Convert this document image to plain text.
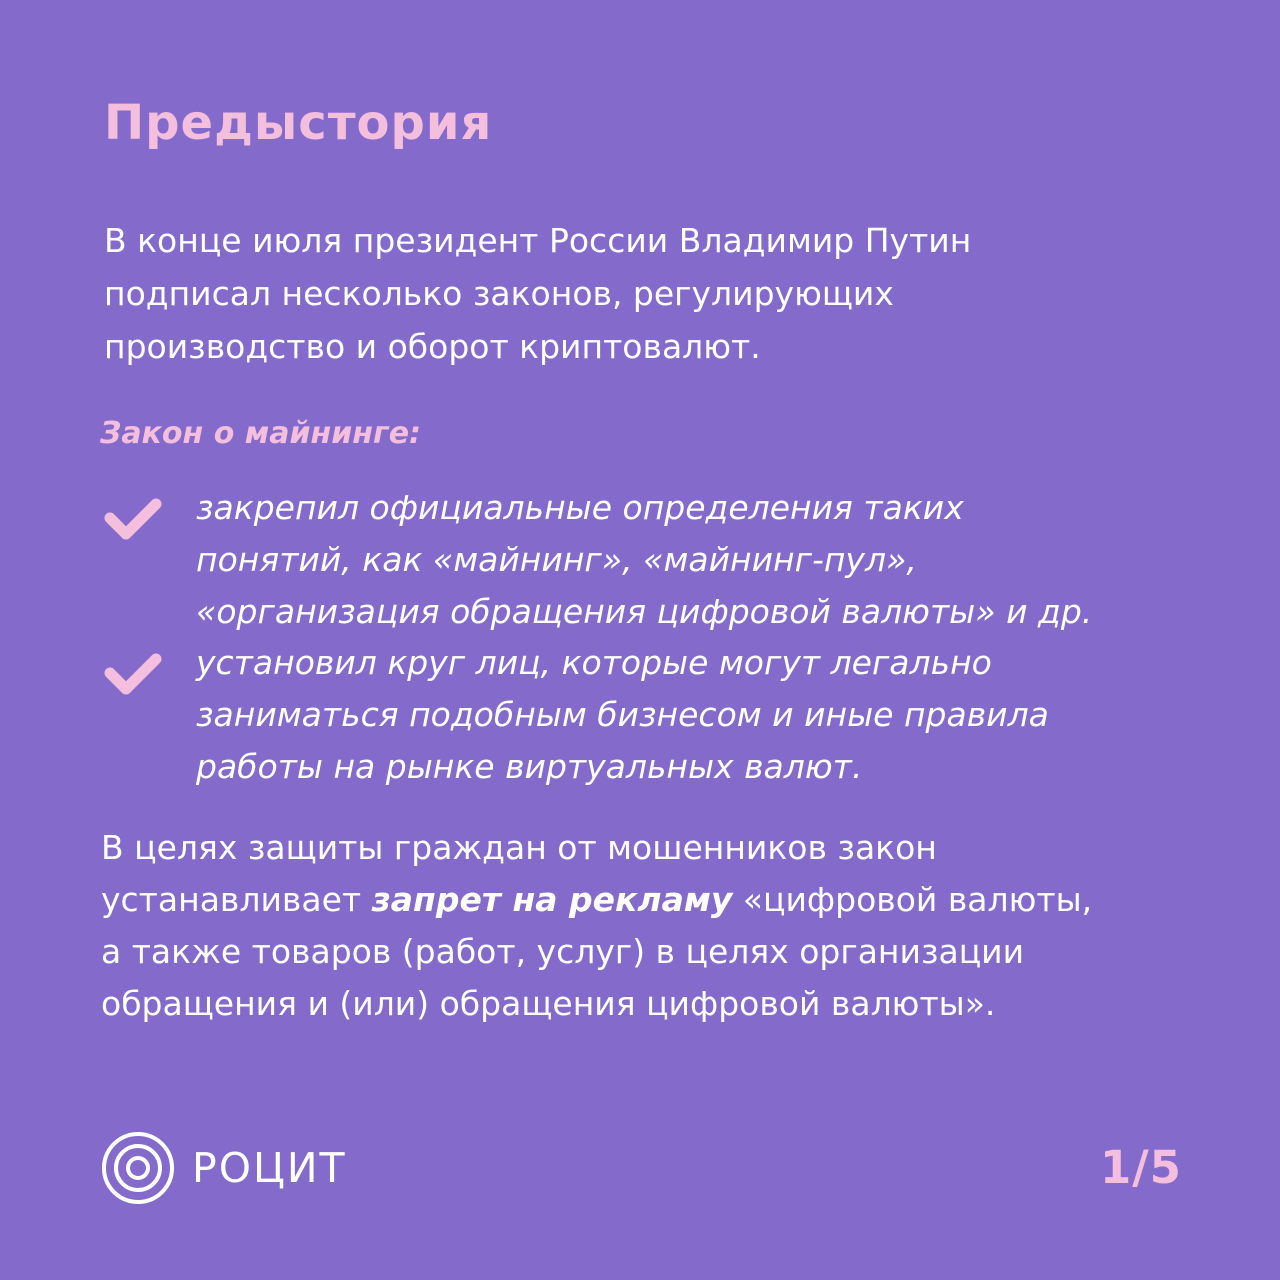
Предыстория

В конце июля президент России Владимир Путин
подписал несколько законов, регулирующих
производство и оборот криптовалют.

Закон о майнинге:

закрепил официальные определения таких
понятий, как «майнинг», «майнинг-пул»,
«организация обращения цифровой валюты» и др.

установил круг лиц, которые могут легально
заниматься подобным бизнесом и иные правила
работы на рынке виртуальных валют.

В целях защиты граждан от мошенников закон
устанавливает запрет на рекламу «цифровой валюты,
а также товаров (работ, услуг) в целях организации
обращения и (или) обращения цифровой валюты».

РОЦИТ	1/5
